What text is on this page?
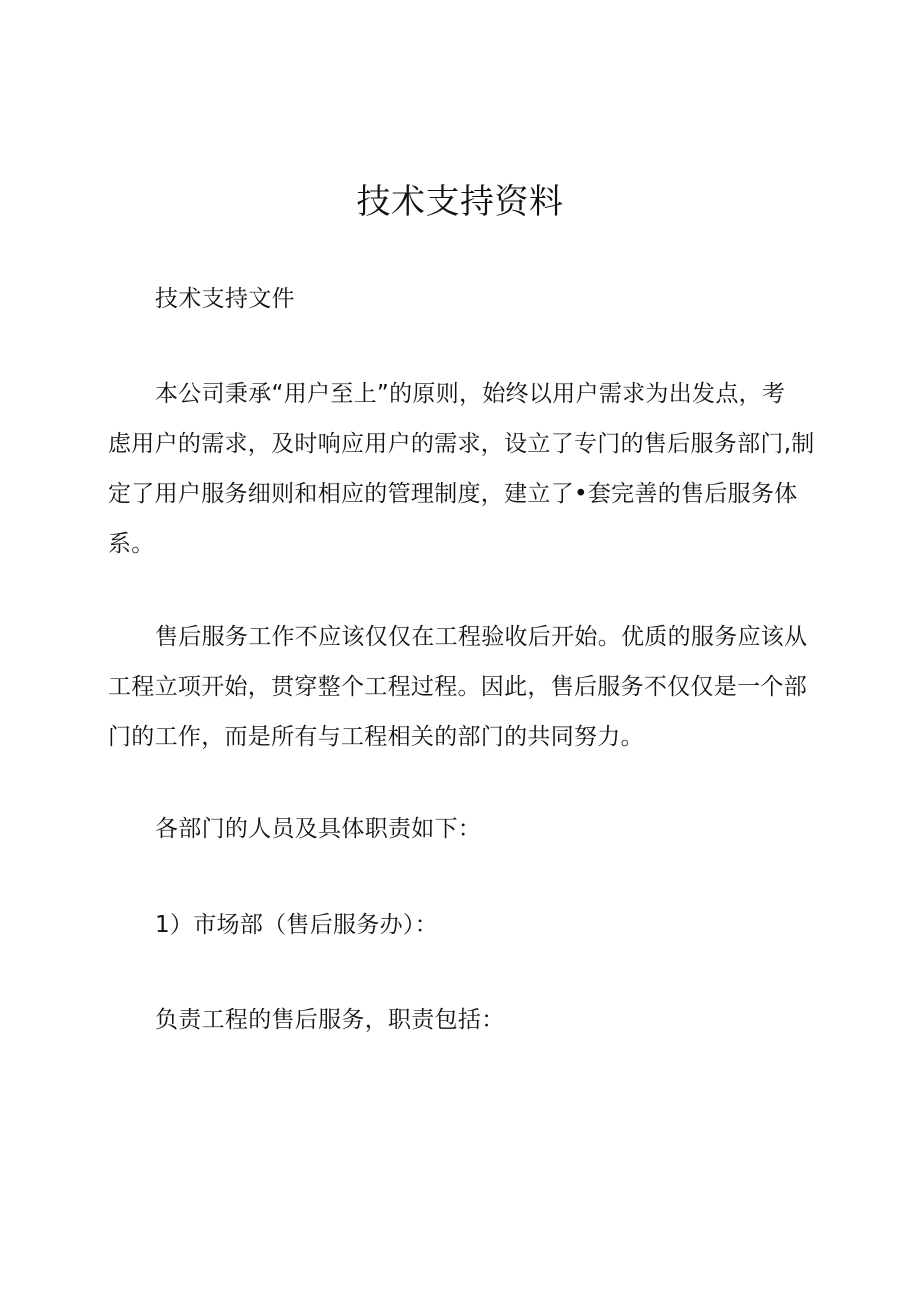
技术支持资料
技术支持文件
本公司秉承“用户至上”的原则，始终以用户需求为出发点，考
虑用户的需求，及时响应用户的需求，设立了专门的售后服务部门,制
定了用户服务细则和相应的管理制度，建立了•套完善的售后服务体
系。
售后服务工作不应该仅仅在工程验收后开始。优质的服务应该从
工程立项开始，贯穿整个工程过程。因此，售后服务不仅仅是一个部
门的工作，而是所有与工程相关的部门的共同努力。
各部门的人员及具体职责如下：
1）市场部（售后服务办）：
负责工程的售后服务，职责包括：
